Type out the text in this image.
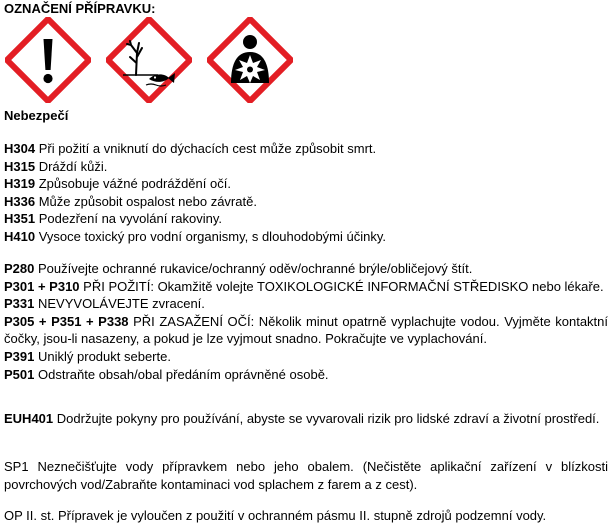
OZNAČENÍ PŘÍPRAVKU:
Nebezpečí
H304 Při požití a vniknutí do dýchacích cest může způsobit smrt.
H315 Dráždí kůži.
H319 Způsobuje vážné podráždění očí.
H336 Může způsobit ospalost nebo závratě.
H351 Podezření na vyvolání rakoviny.
H410 Vysoce toxický pro vodní organismy, s dlouhodobými účinky.
P280 Používejte ochranné rukavice/ochranný oděv/ochranné brýle/obličejový štít.
P301 + P310 PŘI POŽITÍ: Okamžitě volejte TOXIKOLOGICKÉ INFORMAČNÍ STŘEDISKO nebo lékaře.
P331 NEVYVOLÁVEJTE zvracení.
P305 + P351 + P338 PŘI ZASAŽENÍ OČÍ: Několik minut opatrně vyplachujte vodou. Vyjměte kontaktní čočky, jsou-li nasazeny, a pokud je lze vyjmout snadno. Pokračujte ve vyplachování.
P391 Uniklý produkt seberte.
P501 Odstraňte obsah/obal předáním oprávněné osobě.
EUH401 Dodržujte pokyny pro používání, abyste se vyvarovali rizik pro lidské zdraví a životní prostředí.
SP1 Neznečišťujte vody přípravkem nebo jeho obalem. (Nečistěte aplikační zařízení v blízkosti povrchových vod/Zabraňte kontaminaci vod splachem z farem a z cest).
OP II. st. Přípravek je vyloučen z použití v ochranném pásmu II. stupně zdrojů podzemní vody.
